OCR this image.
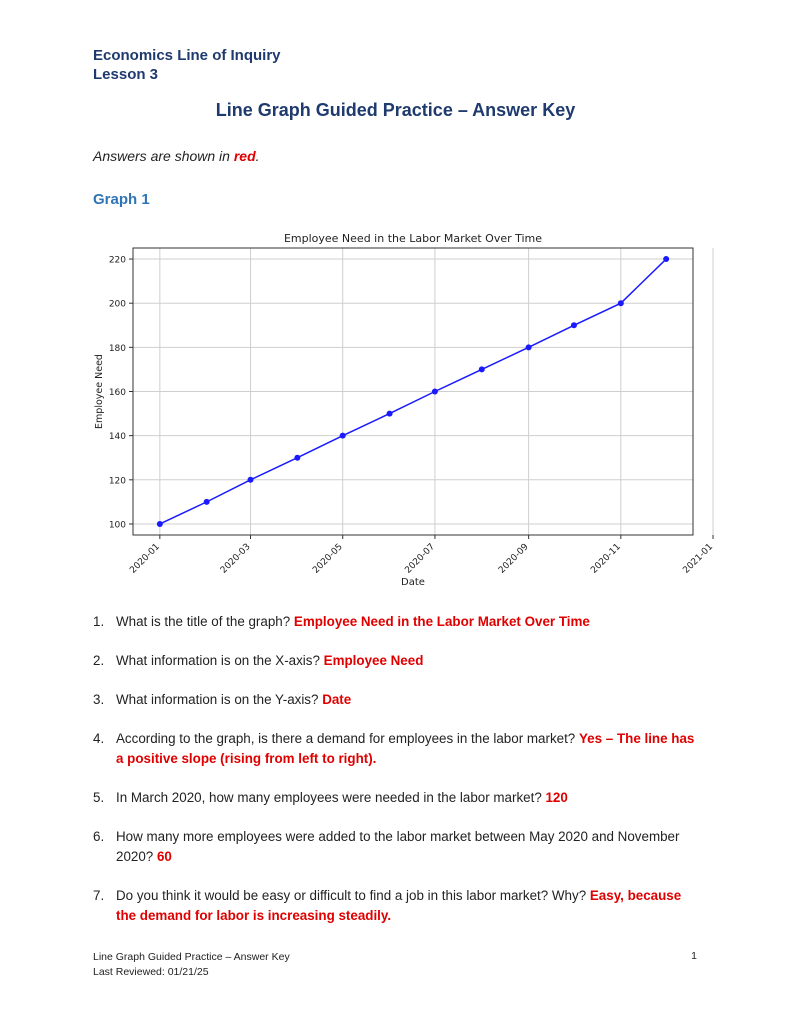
Economics Line of Inquiry
Lesson 3
Line Graph Guided Practice – Answer Key
Answers are shown in red.
Graph 1
100
120
140
160
180
200
220
2020-01	2020-03	2020-05	2020-07	2020-09	2020-11	2021-01
Employee Need in the Labor Market Over Time
Date
Employee Need
1. What is the title of the graph? Employee Need in the Labor Market Over Time
2. What information is on the X-axis? Employee Need
3. What information is on the Y-axis? Date
4. According to the graph, is there a demand for employees in the labor market? Yes – The line has a positive slope (rising from left to right).
5. In March 2020, how many employees were needed in the labor market? 120
6. How many more employees were added to the labor market between May 2020 and November 2020? 60
7. Do you think it would be easy or difficult to find a job in this labor market? Why? Easy, because the demand for labor is increasing steadily.
Line Graph Guided Practice – Answer Key
Last Reviewed: 01/21/25
1
